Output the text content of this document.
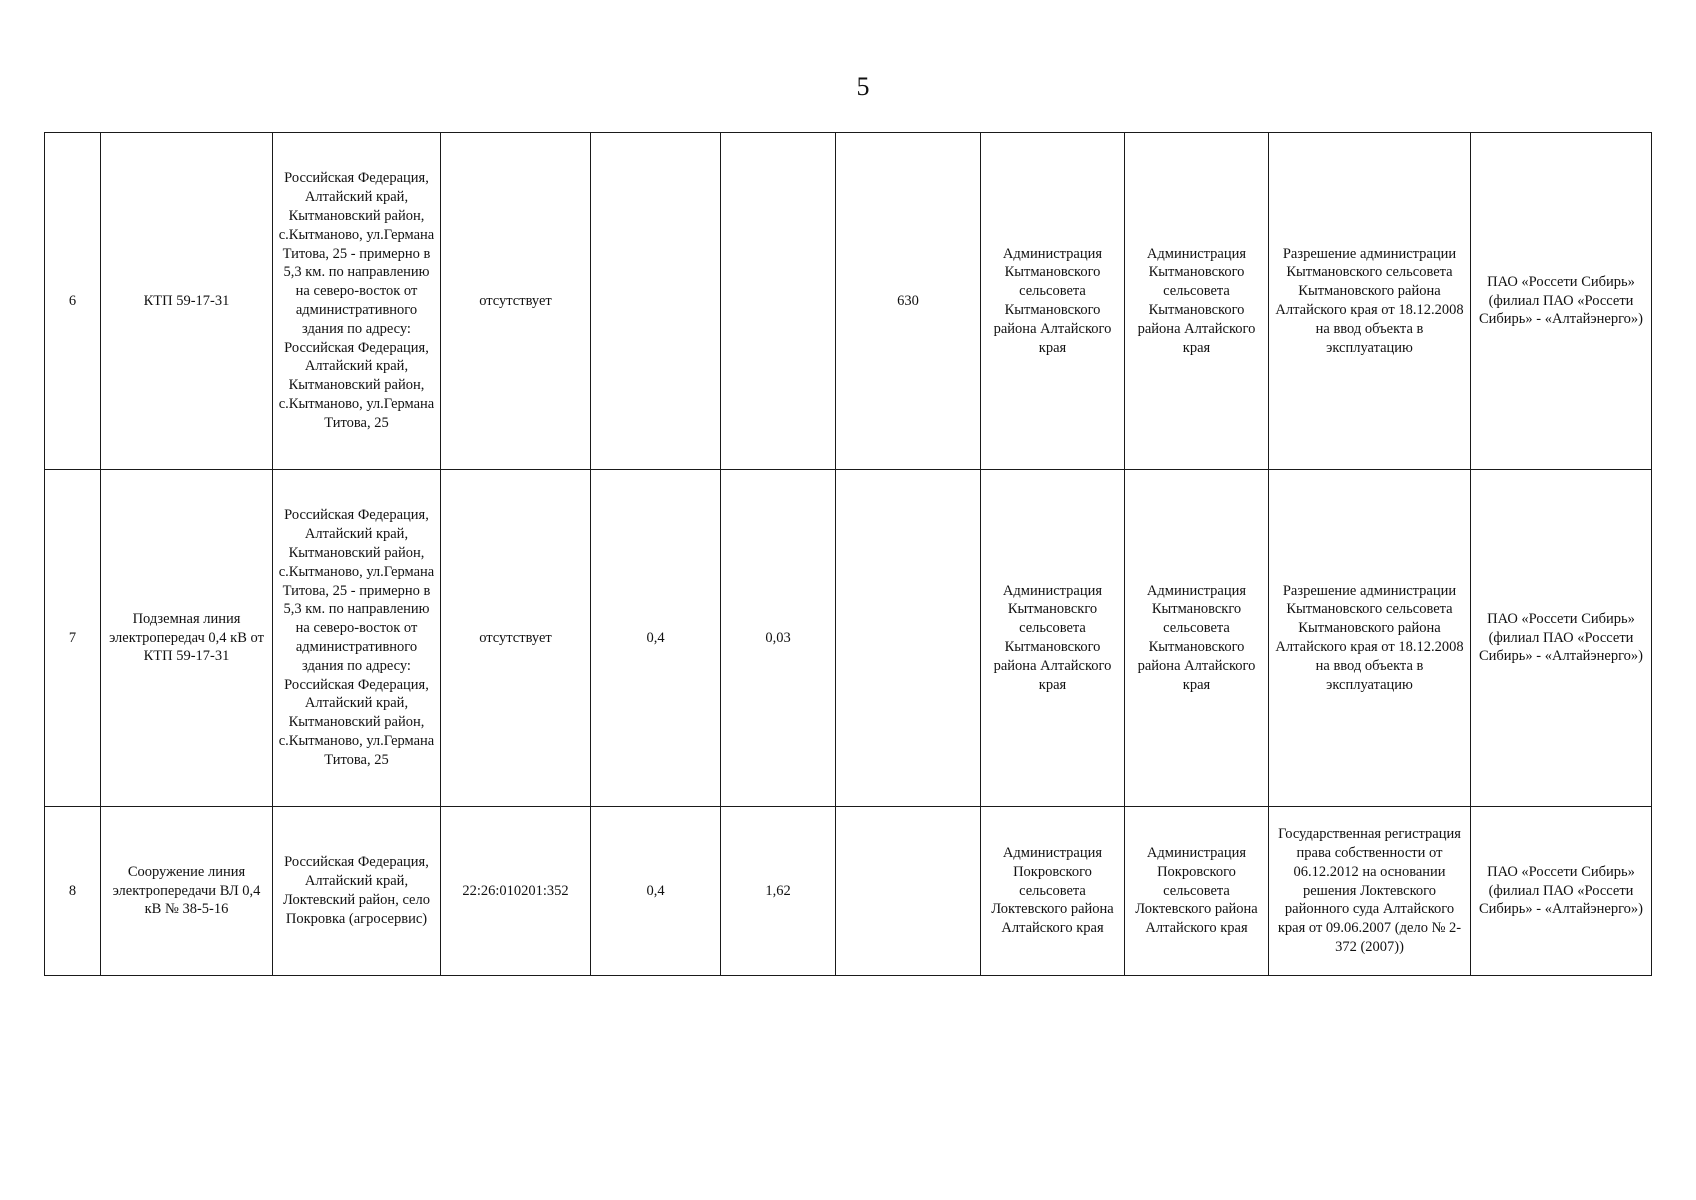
5
6	КТП 59-17-31	Российская Федерация, Алтайский край, Кытмановский район, с.Кытманово, ул.Германа Титова, 25 - примерно в 5,3 км. по направлению на северо-восток от административного здания по адресу: Российская Федерация, Алтайский край, Кытмановский район, с.Кытманово, ул.Германа Титова, 25	отсутствует			630	Администрация Кытмановского сельсовета Кытмановского района Алтайского края	Администрация Кытмановского сельсовета Кытмановского района Алтайского края	Разрешение администрации Кытмановского сельсовета Кытмановского района Алтайского края от 18.12.2008 на ввод объекта в эксплуатацию	ПАО «Россети Сибирь» (филиал ПАО «Россети Сибирь» - «Алтайэнерго»)
7	Подземная линия электропередач 0,4 кВ от КТП 59-17-31	Российская Федерация, Алтайский край, Кытмановский район, с.Кытманово, ул.Германа Титова, 25 - примерно в 5,3 км. по направлению на северо-восток от административного здания по адресу: Российская Федерация, Алтайский край, Кытмановский район, с.Кытманово, ул.Германа Титова, 25	отсутствует	0,4	0,03		Администрация Кытмановскго сельсовета Кытмановского района Алтайского края	Администрация Кытмановскго сельсовета Кытмановского района Алтайского края	Разрешение администрации Кытмановского сельсовета Кытмановского района Алтайского края от 18.12.2008 на ввод объекта в эксплуатацию	ПАО «Россети Сибирь» (филиал ПАО «Россети Сибирь» - «Алтайэнерго»)
8	Сооружение линия электропередачи ВЛ 0,4 кВ № 38-5-16	Российская Федерация, Алтайский край, Локтевский район, село Покровка (агросервис)	22:26:010201:352	0,4	1,62		Администрация Покровского сельсовета Локтевского района Алтайского края	Администрация Покровского сельсовета Локтевского района Алтайского края	Государственная регистрация права собственности от 06.12.2012 на основании решения Локтевского районного суда Алтайского края от 09.06.2007 (дело № 2-372 (2007))	ПАО «Россети Сибирь» (филиал ПАО «Россети Сибирь» - «Алтайэнерго»)
